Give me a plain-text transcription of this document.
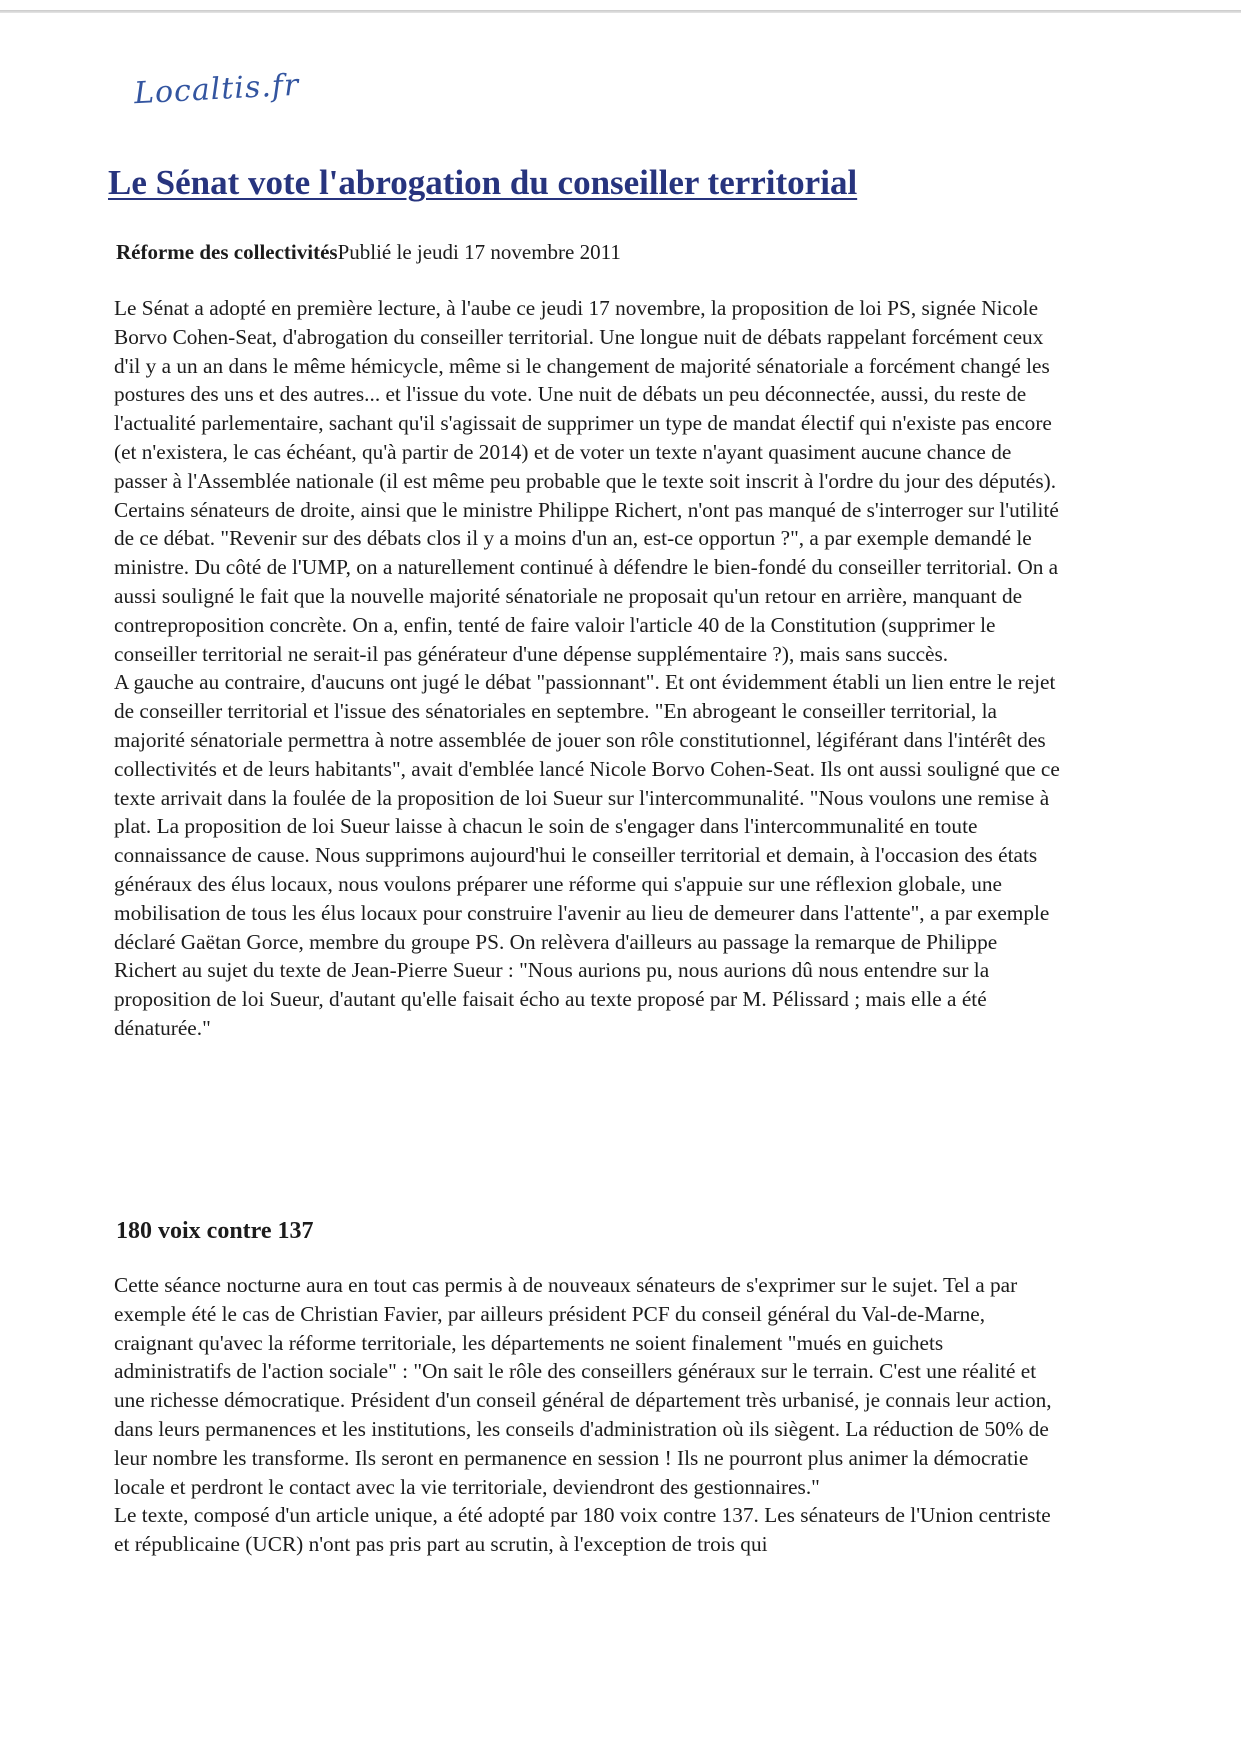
Localtis.fr
Le Sénat vote l'abrogation du conseiller territorial
Réforme des collectivitésPublié le jeudi 17 novembre 2011

Le Sénat a adopté en première lecture, à l'aube ce jeudi 17 novembre, la proposition de loi PS, signée Nicole Borvo Cohen-Seat, d'abrogation du conseiller territorial. Une longue nuit de débats rappelant forcément ceux d'il y a un an dans le même hémicycle, même si le changement de majorité sénatoriale a forcément changé les postures des uns et des autres... et l'issue du vote. Une nuit de débats un peu déconnectée, aussi, du reste de l'actualité parlementaire, sachant qu'il s'agissait de supprimer un type de mandat électif qui n'existe pas encore (et n'existera, le cas échéant, qu'à partir de 2014) et de voter un texte n'ayant quasiment aucune chance de passer à l'Assemblée nationale (il est même peu probable que le texte soit inscrit à l'ordre du jour des députés). Certains sénateurs de droite, ainsi que le ministre Philippe Richert, n'ont pas manqué de s'interroger sur l'utilité de ce débat. "Revenir sur des débats clos il y a moins d'un an, est-ce opportun ?", a par exemple demandé le ministre. Du côté de l'UMP, on a naturellement continué à défendre le bien-fondé du conseiller territorial. On a aussi souligné le fait que la nouvelle majorité sénatoriale ne proposait qu'un retour en arrière, manquant de contreproposition concrète. On a, enfin, tenté de faire valoir l'article 40 de la Constitution (supprimer le conseiller territorial ne serait-il pas générateur d'une dépense supplémentaire ?), mais sans succès.

A gauche au contraire, d'aucuns ont jugé le débat "passionnant". Et ont évidemment établi un lien entre le rejet de conseiller territorial et l'issue des sénatoriales en septembre. "En abrogeant le conseiller territorial, la majorité sénatoriale permettra à notre assemblée de jouer son rôle constitutionnel, légiférant dans l'intérêt des collectivités et de leurs habitants", avait d'emblée lancé Nicole Borvo Cohen-Seat. Ils ont aussi souligné que ce texte arrivait dans la foulée de la proposition de loi Sueur sur l'intercommunalité. "Nous voulons une remise à plat. La proposition de loi Sueur laisse à chacun le soin de s'engager dans l'intercommunalité en toute connaissance de cause. Nous supprimons aujourd'hui le conseiller territorial et demain, à l'occasion des états généraux des élus locaux, nous voulons préparer une réforme qui s'appuie sur une réflexion globale, une mobilisation de tous les élus locaux pour construire l'avenir au lieu de demeurer dans l'attente", a par exemple déclaré Gaëtan Gorce, membre du groupe PS. On relèvera d'ailleurs au passage la remarque de Philippe Richert au sujet du texte de Jean-Pierre Sueur : "Nous aurions pu, nous aurions dû nous entendre sur la proposition de loi Sueur, d'autant qu'elle faisait écho au texte proposé par M. Pélissard ; mais elle a été dénaturée."

180 voix contre 137

Cette séance nocturne aura en tout cas permis à de nouveaux sénateurs de s'exprimer sur le sujet. Tel a par exemple été le cas de Christian Favier, par ailleurs président PCF du conseil général du Val-de-Marne, craignant qu'avec la réforme territoriale, les départements ne soient finalement "mués en guichets administratifs de l'action sociale" : "On sait le rôle des conseillers généraux sur le terrain. C'est une réalité et une richesse démocratique. Président d'un conseil général de département très urbanisé, je connais leur action, dans leurs permanences et les institutions, les conseils d'administration où ils siègent. La réduction de 50% de leur nombre les transforme. Ils seront en permanence en session ! Ils ne pourront plus animer la démocratie locale et perdront le contact avec la vie territoriale, deviendront des gestionnaires."

Le texte, composé d'un article unique, a été adopté par 180 voix contre 137. Les sénateurs de l'Union centriste et républicaine (UCR) n'ont pas pris part au scrutin, à l'exception de trois qui
